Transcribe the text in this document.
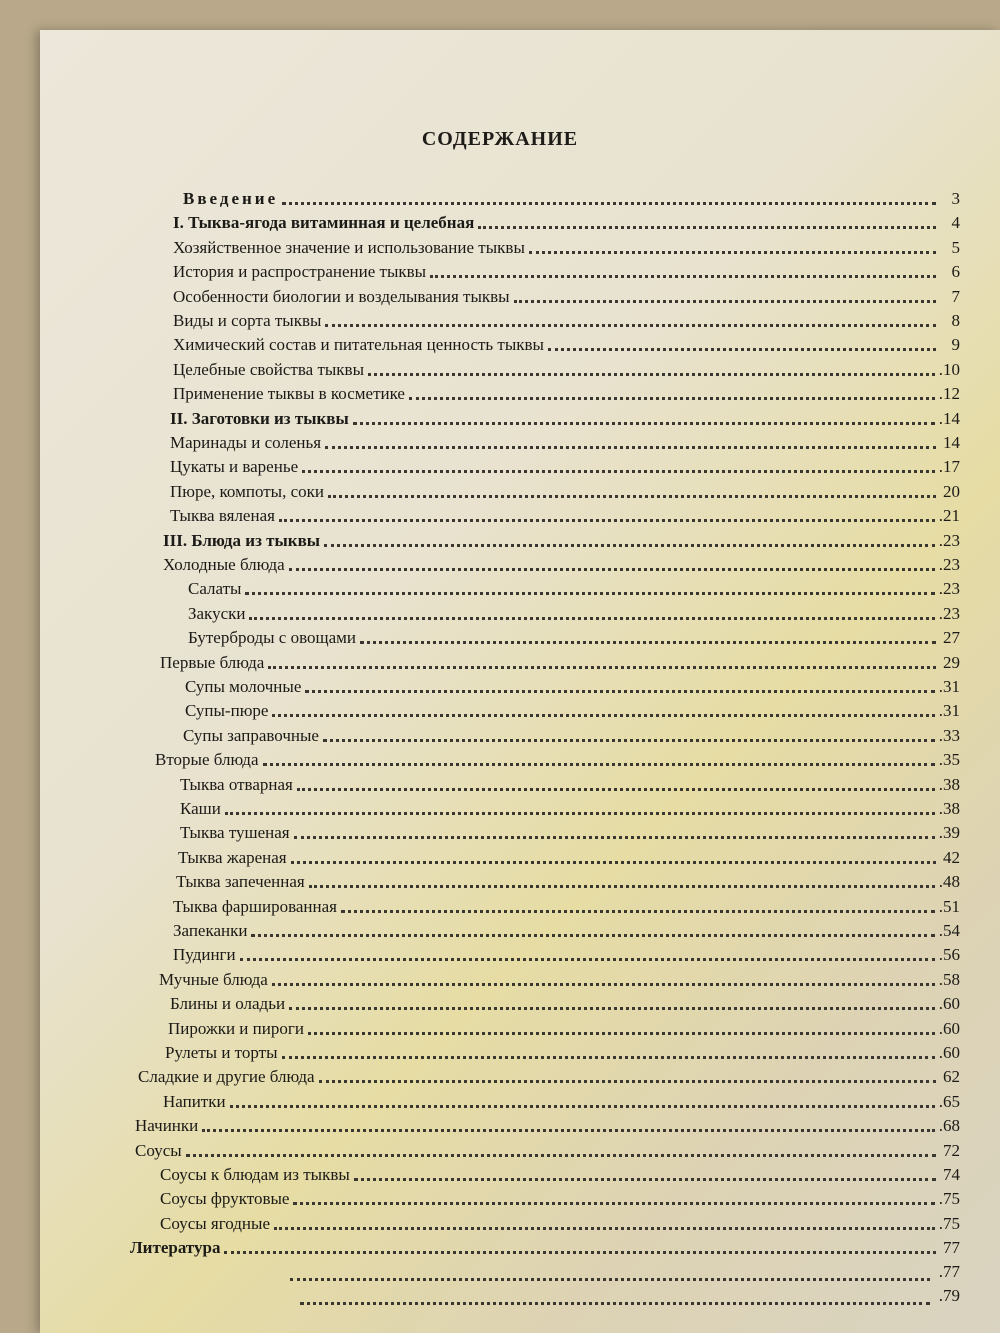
СОДЕРЖАНИЕ
Введение	3
I. Тыква-ягода витаминная и целебная	4
Хозяйственное значение и использование тыквы	5
История и распространение тыквы	6
Особенности биологии и возделывания тыквы	7
Виды и сорта тыквы	8
Химический состав и питательная ценность тыквы	9
Целебные свойства тыквы	.10
Применение тыквы в косметике	.12
II. Заготовки из тыквы	.14
Маринады и соленья	14
Цукаты и варенье	.17
Пюре, компоты, соки	20
Тыква вяленая	.21
III. Блюда из тыквы	.23
Холодные блюда	.23
Салаты	.23
Закуски	.23
Бутерброды с овощами	27
Первые блюда	29
Супы молочные	.31
Супы-пюре	.31
Супы заправочные	.33
Вторые блюда	.35
Тыква отварная	.38
Каши	.38
Тыква тушеная	.39
Тыква жареная	42
Тыква запеченная	.48
Тыква фаршированная	.51
Запеканки	.54
Пудинги	.56
Мучные блюда	.58
Блины и оладьи	.60
Пирожки и пироги	.60
Рулеты и торты	.60
Сладкие и другие блюда	62
Напитки	.65
Начинки	.68
Соусы	72
Соусы к блюдам из тыквы	74
Соусы фруктовые	.75
Соусы ягодные	.75
Литература	77
.77
.79
